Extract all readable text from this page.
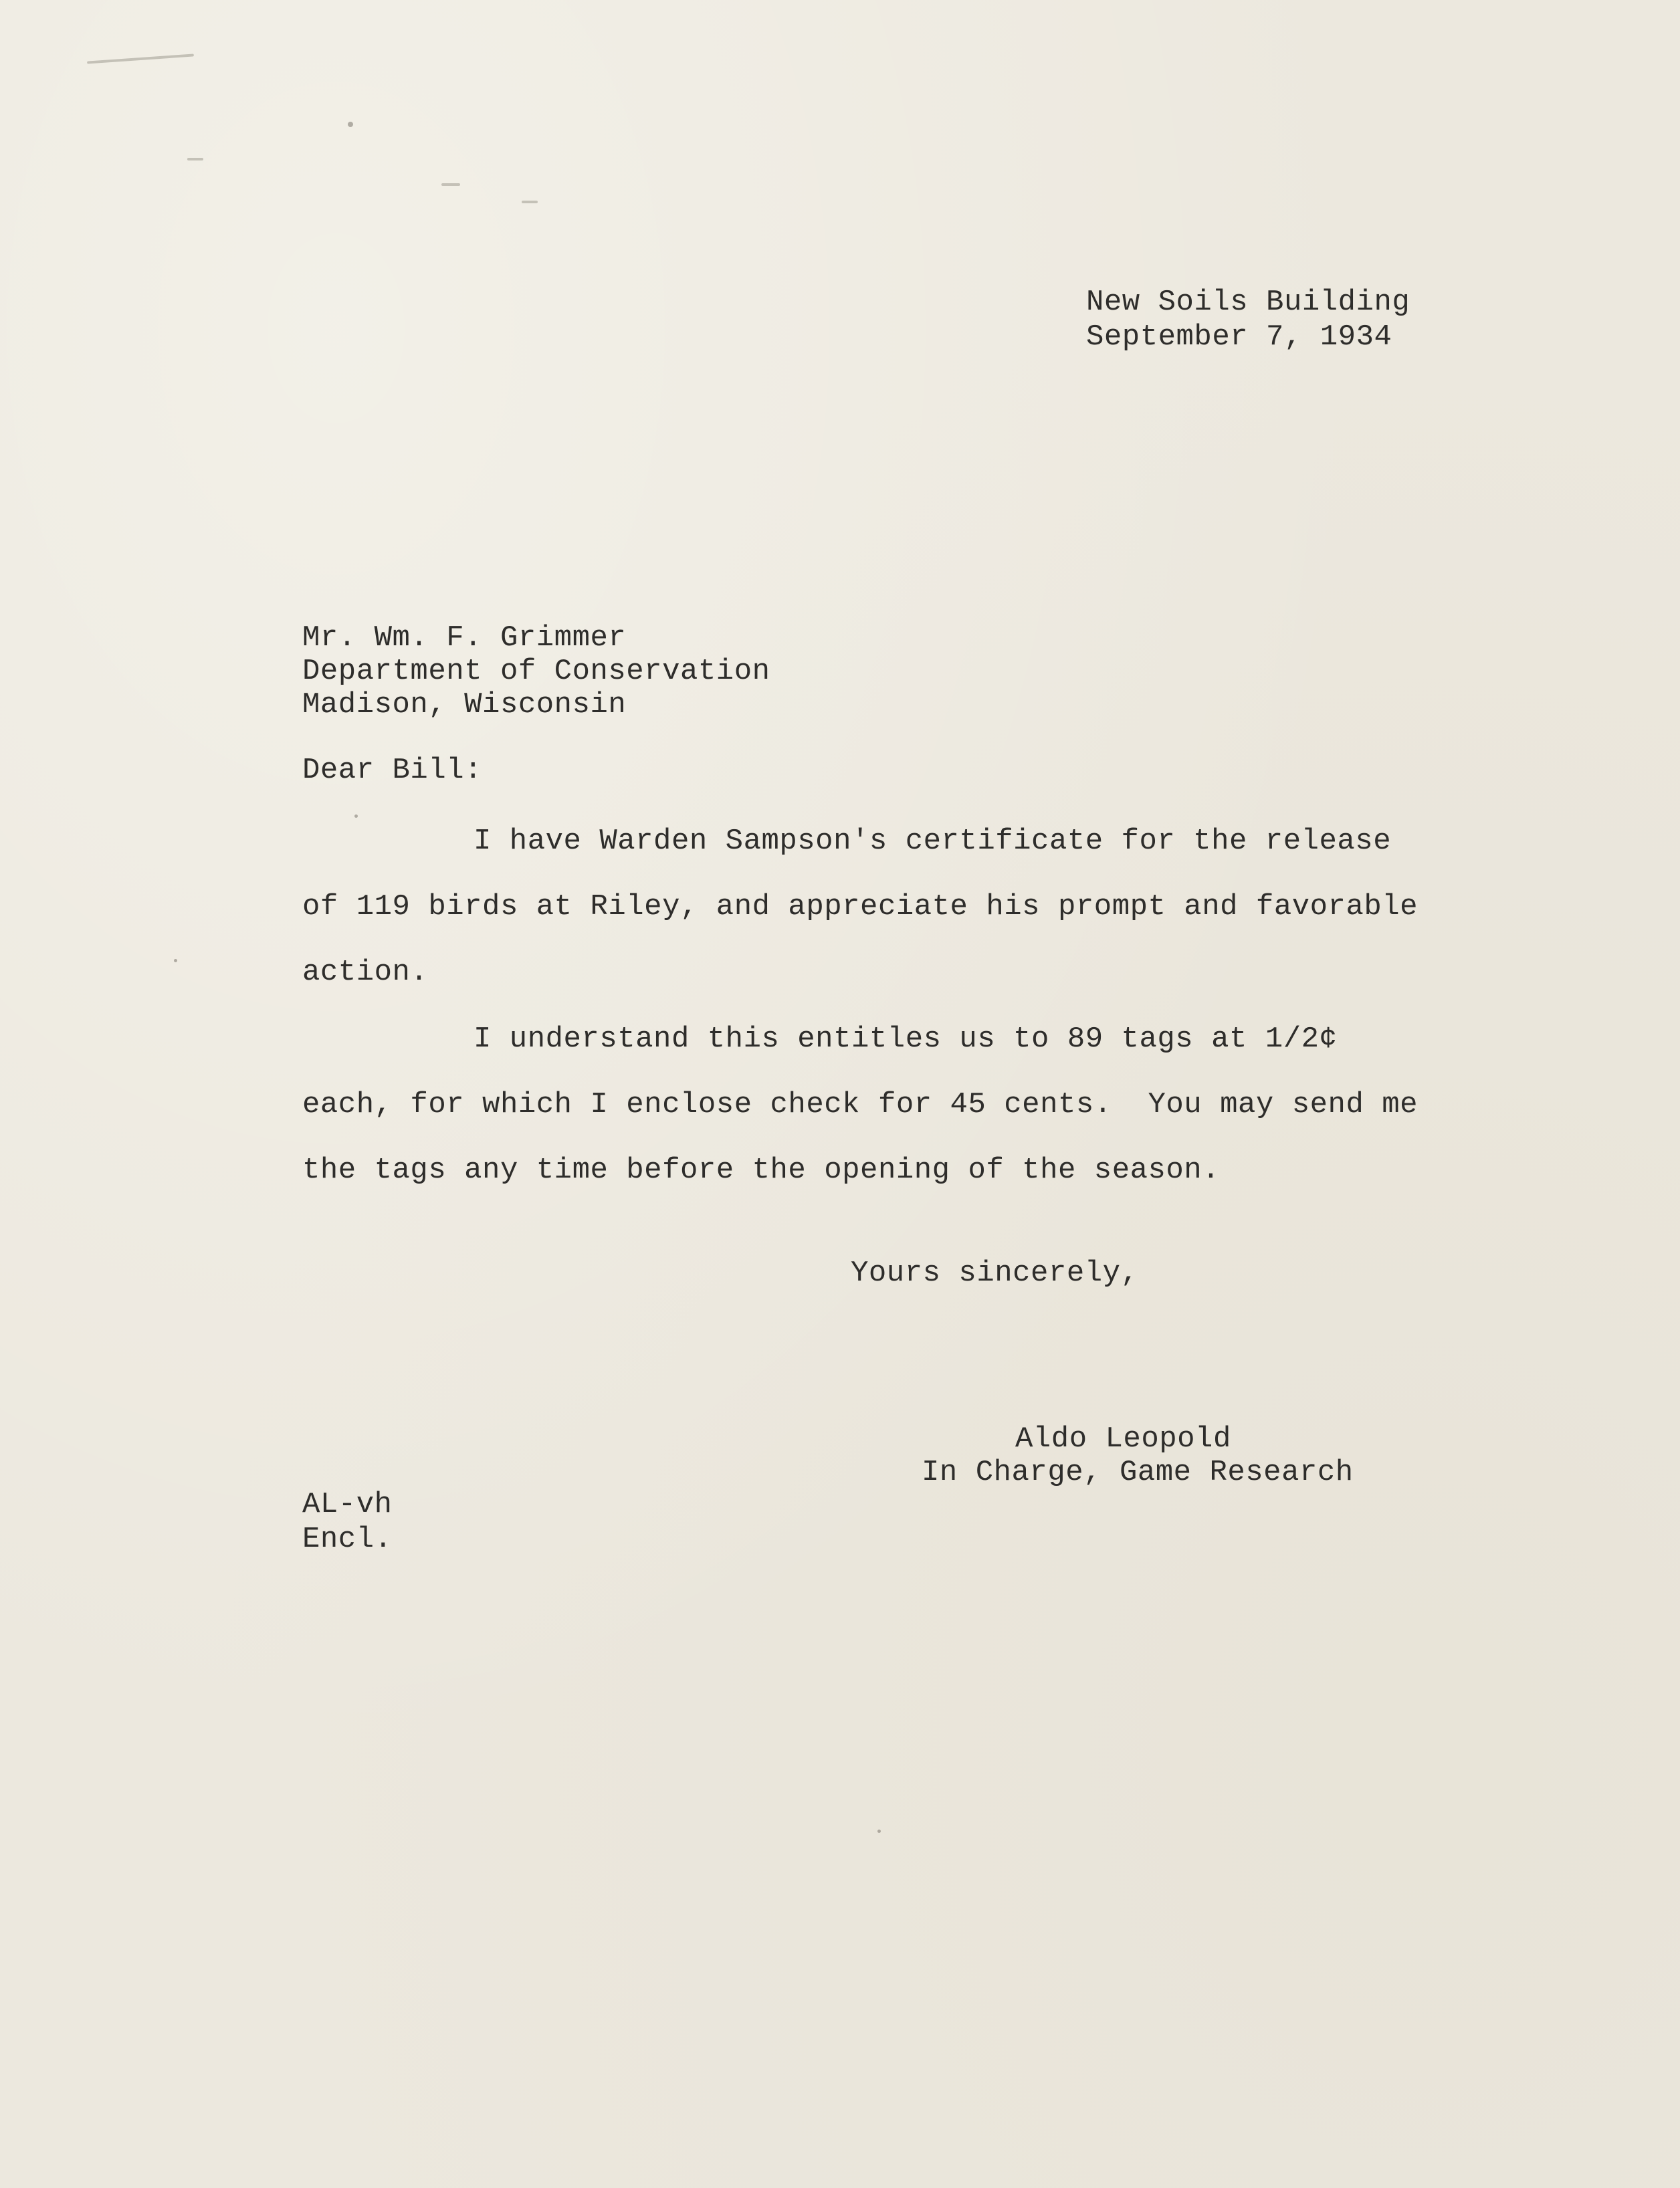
New Soils Building
September 7, 1934
Mr. Wm. F. Grimmer
Department of Conservation
Madison, Wisconsin
Dear Bill:
I have Warden Sampson's certificate for the release
of 119 birds at Riley, and appreciate his prompt and favorable
action.
I understand this entitles us to 89 tags at 1/2¢
each, for which I enclose check for 45 cents.  You may send me
the tags any time before the opening of the season.
Yours sincerely,
Aldo Leopold
In Charge, Game Research
AL-vh
Encl.
